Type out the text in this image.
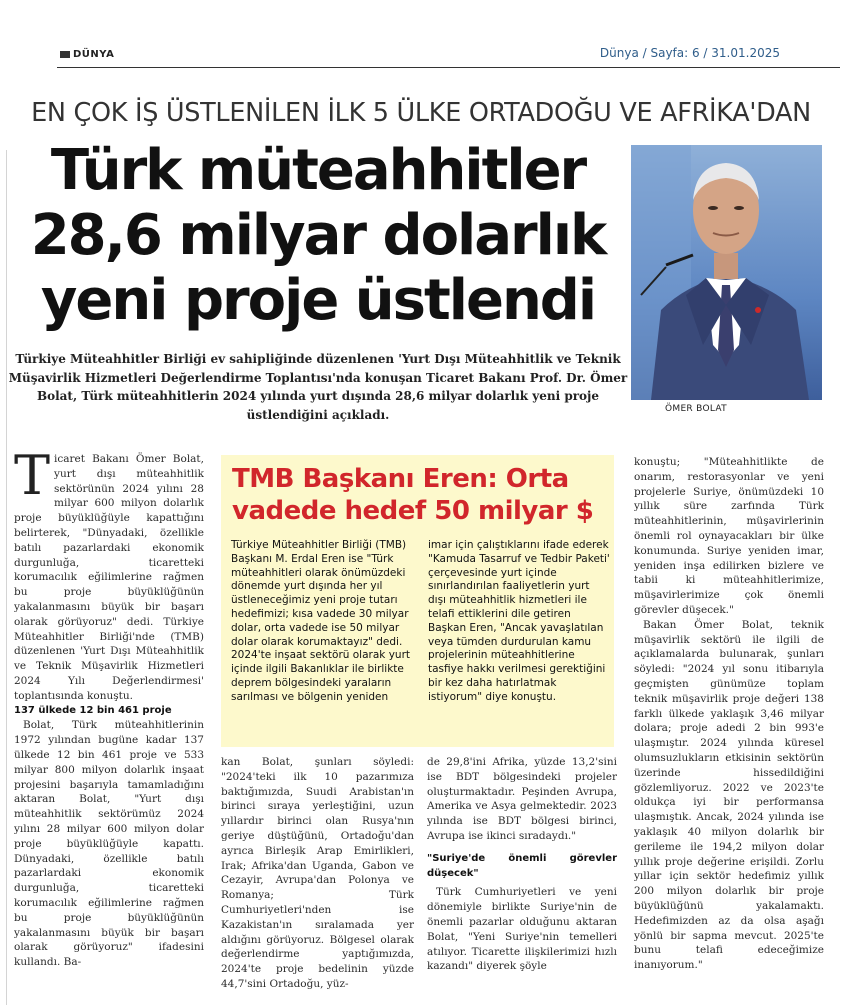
DÜNYA	Dünya / Sayfa: 6 / 31.01.2025
EN ÇOK İŞ ÜSTLENİLEN İLK 5 ÜLKE ORTADOĞU VE AFRİKA'DAN
Türk müteahhitler
28,6 milyar dolarlık
yeni proje üstlendi
ÖMER BOLAT
Türkiye Müteahhitler Birliği ev sahipliğinde düzenlenen 'Yurt Dışı Müteahhitlik ve Teknik Müşavirlik Hizmetleri Değerlendirme Toplantısı'nda konuşan Ticaret Bakanı Prof. Dr. Ömer Bolat, Türk müteahhitlerin 2024 yılında yurt dışında 28,6 milyar dolarlık yeni proje üstlendiğini açıkladı.

Ticaret Bakanı Ömer Bolat, yurt dışı müteahhitlik sektörünün 2024 yılını 28 milyar 600 milyon dolarlık proje büyüklüğüyle kapattığını belirterek, "Dünyadaki, özellikle batılı pazarlardaki ekonomik durgunluğa, ticaretteki korumacılık eğilimlerine rağmen bu proje büyüklüğünün yakalanmasını büyük bir başarı olarak görüyoruz" dedi. Türkiye Müteahhitler Birliği'nde (TMB) düzenlenen 'Yurt Dışı Müteahhitlik ve Teknik Müşavirlik Hizmetleri 2024 Yılı Değerlendirmesi' toplantısında konuştu.

137 ülkede 12 bin 461 proje

Bolat, Türk müteahhitlerinin 1972 yılından bugüne kadar 137 ülkede 12 bin 461 proje ve 533 milyar 800 milyon dolarlık inşaat projesini başarıyla tamamladığını aktaran Bolat, "Yurt dışı müteahhitlik sektörümüz 2024 yılını 28 milyar 600 milyon dolar proje büyüklüğüyle kapattı. Dünyadaki, özellikle batılı pazarlardaki ekonomik durgunluğa, ticaretteki korumacılık eğilimlerine rağmen bu proje büyüklüğünün yakalanmasını büyük bir başarı olarak görüyoruz" ifadesini kullandı. Ba-

TMB Başkanı Eren: Orta vadede hedef 50 milyar $
Türkiye Müteahhitler Birliği (TMB) Başkanı M. Erdal Eren ise "Türk müteahhitleri olarak önümüzdeki dönemde yurt dışında her yıl üstleneceğimiz yeni proje tutarı hedefimizi; kısa vadede 30 milyar dolar, orta vadede ise 50 milyar dolar olarak korumaktayız" dedi. 2024'te inşaat sektörü olarak yurt içinde ilgili Bakanlıklar ile birlikte deprem bölgesindeki yaraların sarılması ve bölgenin yeniden
imar için çalıştıklarını ifade ederek "Kamuda Tasarruf ve Tedbir Paketi' çerçevesinde yurt içinde sınırlandırılan faaliyetlerin yurt dışı müteahhitlik hizmetleri ile telafi ettiklerini dile getiren Başkan Eren, "Ancak yavaşlatılan veya tümden durdurulan kamu projelerinin müteahhitlerine tasfiye hakkı verilmesi gerektiğini bir kez daha hatırlatmak istiyorum" diye konuştu.

kan Bolat, şunları söyledi: "2024'teki ilk 10 pazarımıza baktığımızda, Suudi Arabistan'ın birinci sıraya yerleştiğini, uzun yıllardır birinci olan Rusya'nın geriye düştüğünü, Ortadoğu'dan ayrıca Birleşik Arap Emirlikleri, Irak; Afrika'dan Uganda, Gabon ve Cezayir, Avrupa'dan Polonya ve Romanya; Türk Cumhuriyetleri'nden ise Kazakistan'ın sıralamada yer aldığını görüyoruz. Bölgesel olarak değerlendirme yaptığımızda, 2024'te proje bedelinin yüzde 44,7'sini Ortadoğu, yüz-

de 29,8'ini Afrika, yüzde 13,2'sini ise BDT bölgesindeki projeler oluşturmaktadır. Peşinden Avrupa, Amerika ve Asya gelmektedir. 2023 yılında ise BDT bölgesi birinci, Avrupa ise ikinci sıradaydı."

"Suriye'de önemli görevler düşecek"

Türk Cumhuriyetleri ve yeni dönemiyle birlikte Suriye'nin de önemli pazarlar olduğunu aktaran Bolat, "Yeni Suriye'nin temelleri atılıyor. Ticarette ilişkilerimizi hızlı kazandı" diyerek şöyle

konuştu; "Müteahhitlikte de onarım, restorasyonlar ve yeni projelerle Suriye, önümüzdeki 10 yıllık süre zarfında Türk müteahhitlerinin, müşavirlerinin önemli rol oynayacakları bir ülke konumunda. Suriye yeniden imar, yeniden inşa edilirken bizlere ve tabii ki müteahhitlerimize, müşavirlerimize çok önemli görevler düşecek."

Bakan Ömer Bolat, teknik müşavirlik sektörü ile ilgili de açıklamalarda bulunarak, şunları söyledi: "2024 yıl sonu itibarıyla geçmişten günümüze toplam teknik müşavirlik proje değeri 138 farklı ülkede yaklaşık 3,46 milyar dolara; proje adedi 2 bin 993'e ulaşmıştır. 2024 yılında küresel olumsuzlukların etkisinin sektörün üzerinde hissedildiğini gözlemliyoruz. 2022 ve 2023'te oldukça iyi bir performansa ulaşmıştık. Ancak, 2024 yılında ise yaklaşık 40 milyon dolarlık bir gerileme ile 194,2 milyon dolar yıllık proje değerine erişildi. Zorlu yıllar için sektör hedefimiz yıllık 200 milyon dolarlık bir proje büyüklüğünü yakalamaktı. Hedefimizden az da olsa aşağı yönlü bir sapma mevcut. 2025'te bunu telafi edeceğimize inanıyorum."
